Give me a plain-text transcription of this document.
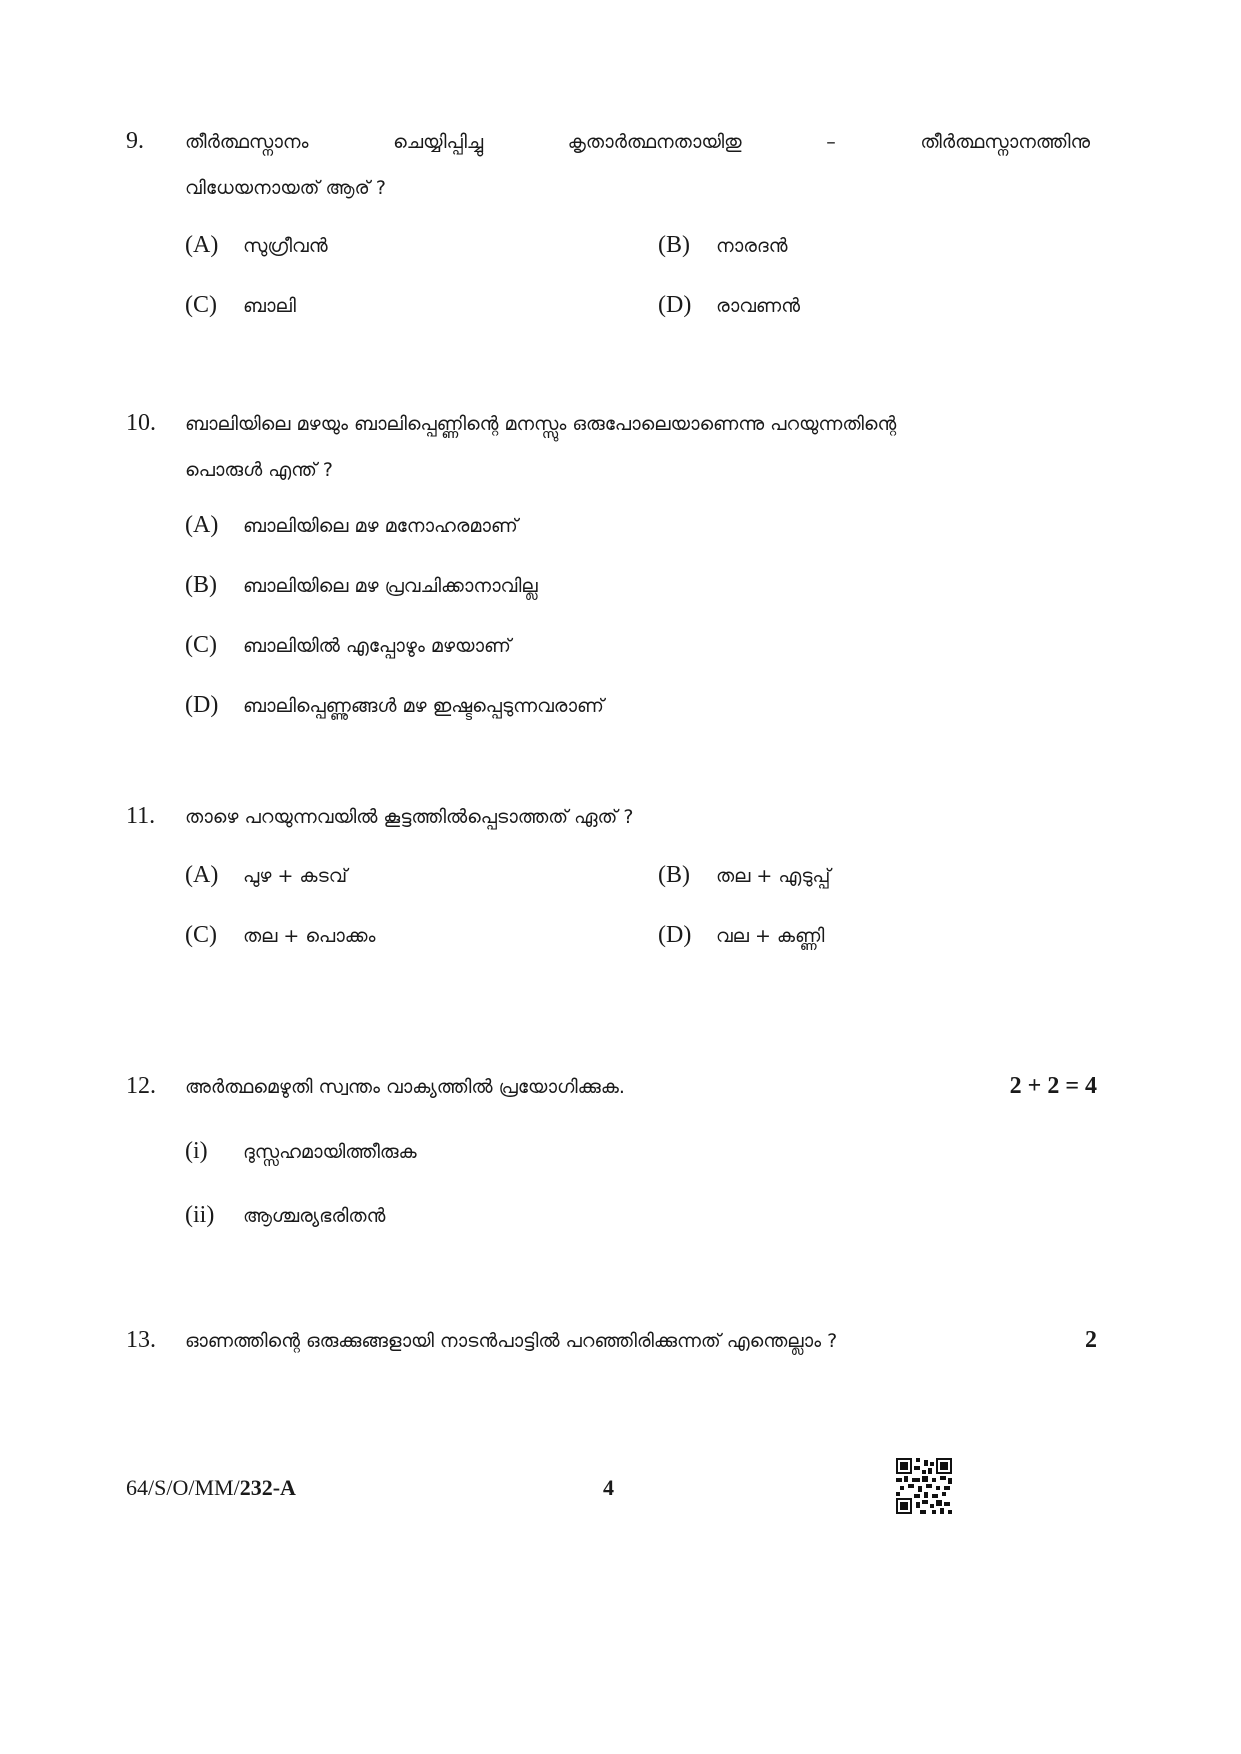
9. തീർത്ഥസ്നാനം	ചെയ്യിപ്പിച്ചു	കൃതാർത്ഥനതായിതു	–	തീർത്ഥസ്നാനത്തിനു
വിധേയനായത് ആര് ?
(A) സുഗ്രീവൻ	(B) നാരദൻ
(C) ബാലി	(D) രാവണൻ
10. ബാലിയിലെ മഴയും ബാലിപ്പെണ്ണിന്റെ മനസ്സും ഒരുപോലെയാണെന്നു പറയുന്നതിന്റെ
പൊരുൾ എന്ത് ?
(A) ബാലിയിലെ മഴ മനോഹരമാണ്
(B) ബാലിയിലെ മഴ പ്രവചിക്കാനാവില്ല
(C) ബാലിയിൽ എപ്പോഴും മഴയാണ്
(D) ബാലിപ്പെണ്ണുങ്ങൾ മഴ ഇഷ്ടപ്പെടുന്നവരാണ്
11. താഴെ പറയുന്നവയിൽ കൂട്ടത്തിൽപ്പെടാത്തത് ഏത് ?
(A) പുഴ + കടവ്	(B) തല + എടുപ്പ്
(C) തല + പൊക്കം	(D) വല + കണ്ണി
12. അർത്ഥമെഴുതി സ്വന്തം വാക്യത്തിൽ പ്രയോഗിക്കുക.	2 + 2 = 4
(i) ദുസ്സഹമായിത്തീരുക
(ii) ആശ്ചര്യഭരിതൻ
13. ഓണത്തിന്റെ ഒരുക്കുങ്ങളായി നാടൻപാട്ടിൽ പറഞ്ഞിരിക്കുന്നത് എന്തെല്ലാം ?	2
64/S/O/MM/232-A	4
